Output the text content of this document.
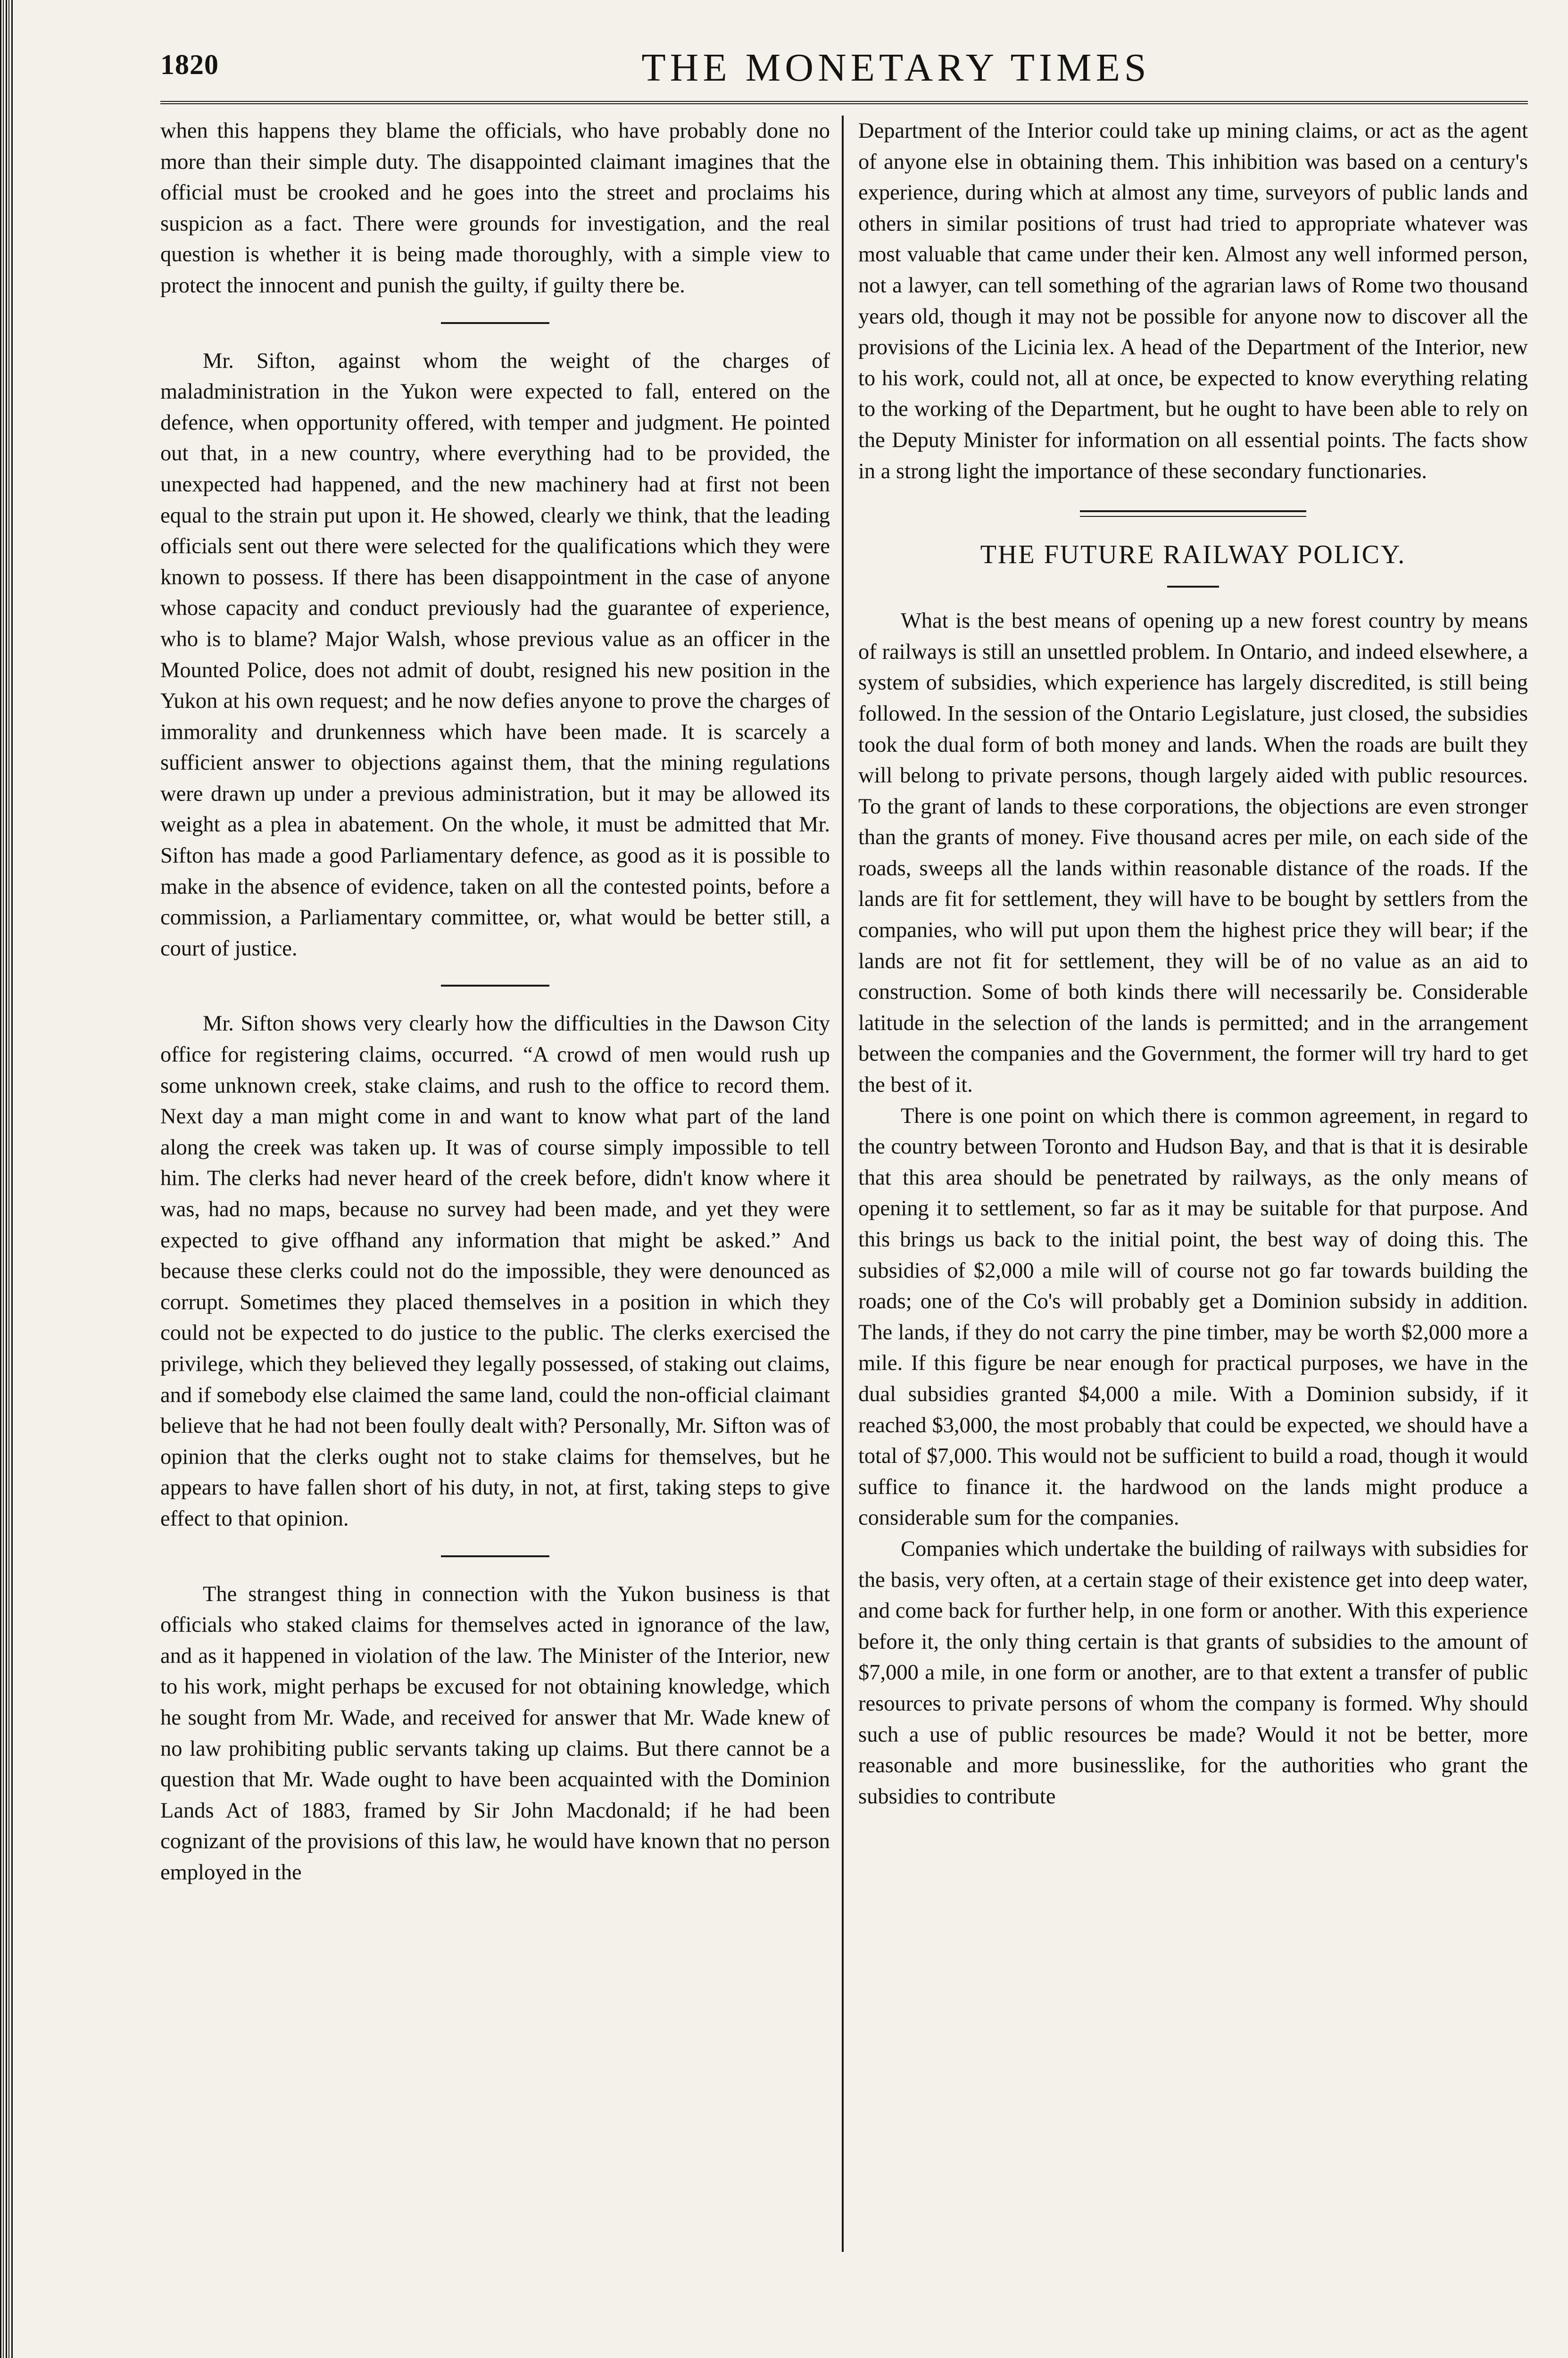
1820	THE MONETARY TIMES

when this happens they blame the officials, who have probably done no more than their simple duty. The disappointed claimant imagines that the official must be crooked and he goes into the street and proclaims his suspicion as a fact. There were grounds for investigation, and the real question is whether it is being made thoroughly, with a simple view to protect the innocent and punish the guilty, if guilty there be.

Mr. Sifton, against whom the weight of the charges of maladministration in the Yukon were expected to fall, entered on the defence, when opportunity offered, with temper and judgment. He pointed out that, in a new country, where everything had to be provided, the unexpected had happened, and the new machinery had at first not been equal to the strain put upon it. He showed, clearly we think, that the leading officials sent out there were selected for the qualifications which they were known to possess. If there has been disappointment in the case of anyone whose capacity and conduct previously had the guarantee of experience, who is to blame? Major Walsh, whose previous value as an officer in the Mounted Police, does not admit of doubt, resigned his new position in the Yukon at his own request; and he now defies anyone to prove the charges of immorality and drunkenness which have been made. It is scarcely a sufficient answer to objections against them, that the mining regulations were drawn up under a previous administration, but it may be allowed its weight as a plea in abatement. On the whole, it must be admitted that Mr. Sifton has made a good Parliamentary defence, as good as it is possible to make in the absence of evidence, taken on all the contested points, before a commission, a Parliamentary committee, or, what would be better still, a court of justice.

Mr. Sifton shows very clearly how the difficulties in the Dawson City office for registering claims, occurred. “A crowd of men would rush up some unknown creek, stake claims, and rush to the office to record them. Next day a man might come in and want to know what part of the land along the creek was taken up. It was of course simply impossible to tell him. The clerks had never heard of the creek before, didn't know where it was, had no maps, because no survey had been made, and yet they were expected to give offhand any information that might be asked.” And because these clerks could not do the impossible, they were denounced as corrupt. Sometimes they placed themselves in a position in which they could not be expected to do justice to the public. The clerks exercised the privilege, which they believed they legally possessed, of staking out claims, and if somebody else claimed the same land, could the non-official claimant believe that he had not been foully dealt with? Personally, Mr. Sifton was of opinion that the clerks ought not to stake claims for themselves, but he appears to have fallen short of his duty, in not, at first, taking steps to give effect to that opinion.

The strangest thing in connection with the Yukon business is that officials who staked claims for themselves acted in ignorance of the law, and as it happened in violation of the law. The Minister of the Interior, new to his work, might perhaps be excused for not obtaining knowledge, which he sought from Mr. Wade, and received for answer that Mr. Wade knew of no law prohibiting public servants taking up claims. But there cannot be a question that Mr. Wade ought to have been acquainted with the Dominion Lands Act of 1883, framed by Sir John Macdonald; if he had been cognizant of the provisions of this law, he would have known that no person employed in the

Department of the Interior could take up mining claims, or act as the agent of anyone else in obtaining them. This inhibition was based on a century's experience, during which at almost any time, surveyors of public lands and others in similar positions of trust had tried to appropriate whatever was most valuable that came under their ken. Almost any well informed person, not a lawyer, can tell something of the agrarian laws of Rome two thousand years old, though it may not be possible for anyone now to discover all the provisions of the Licinia lex. A head of the Department of the Interior, new to his work, could not, all at once, be expected to know everything relating to the working of the Department, but he ought to have been able to rely on the Deputy Minister for information on all essential points. The facts show in a strong light the importance of these secondary functionaries.

THE FUTURE RAILWAY POLICY.

What is the best means of opening up a new forest country by means of railways is still an unsettled problem. In Ontario, and indeed elsewhere, a system of subsidies, which experience has largely discredited, is still being followed. In the session of the Ontario Legislature, just closed, the subsidies took the dual form of both money and lands. When the roads are built they will belong to private persons, though largely aided with public resources. To the grant of lands to these corporations, the objections are even stronger than the grants of money. Five thousand acres per mile, on each side of the roads, sweeps all the lands within reasonable distance of the roads. If the lands are fit for settlement, they will have to be bought by settlers from the companies, who will put upon them the highest price they will bear; if the lands are not fit for settlement, they will be of no value as an aid to construction. Some of both kinds there will necessarily be. Considerable latitude in the selection of the lands is permitted; and in the arrangement between the companies and the Government, the former will try hard to get the best of it.

There is one point on which there is common agreement, in regard to the country between Toronto and Hudson Bay, and that is that it is desirable that this area should be penetrated by railways, as the only means of opening it to settlement, so far as it may be suitable for that purpose. And this brings us back to the initial point, the best way of doing this. The subsidies of $2,000 a mile will of course not go far towards building the roads; one of the Co's will probably get a Dominion subsidy in addition. The lands, if they do not carry the pine timber, may be worth $2,000 more a mile. If this figure be near enough for practical purposes, we have in the dual subsidies granted $4,000 a mile. With a Dominion subsidy, if it reached $3,000, the most probably that could be expected, we should have a total of $7,000. This would not be sufficient to build a road, though it would suffice to finance it. the hardwood on the lands might produce a considerable sum for the companies.

Companies which undertake the building of railways with subsidies for the basis, very often, at a certain stage of their existence get into deep water, and come back for further help, in one form or another. With this experience before it, the only thing certain is that grants of subsidies to the amount of $7,000 a mile, in one form or another, are to that extent a transfer of public resources to private persons of whom the company is formed. Why should such a use of public resources be made? Would it not be better, more reasonable and more businesslike, for the authorities who grant the subsidies to contribute
